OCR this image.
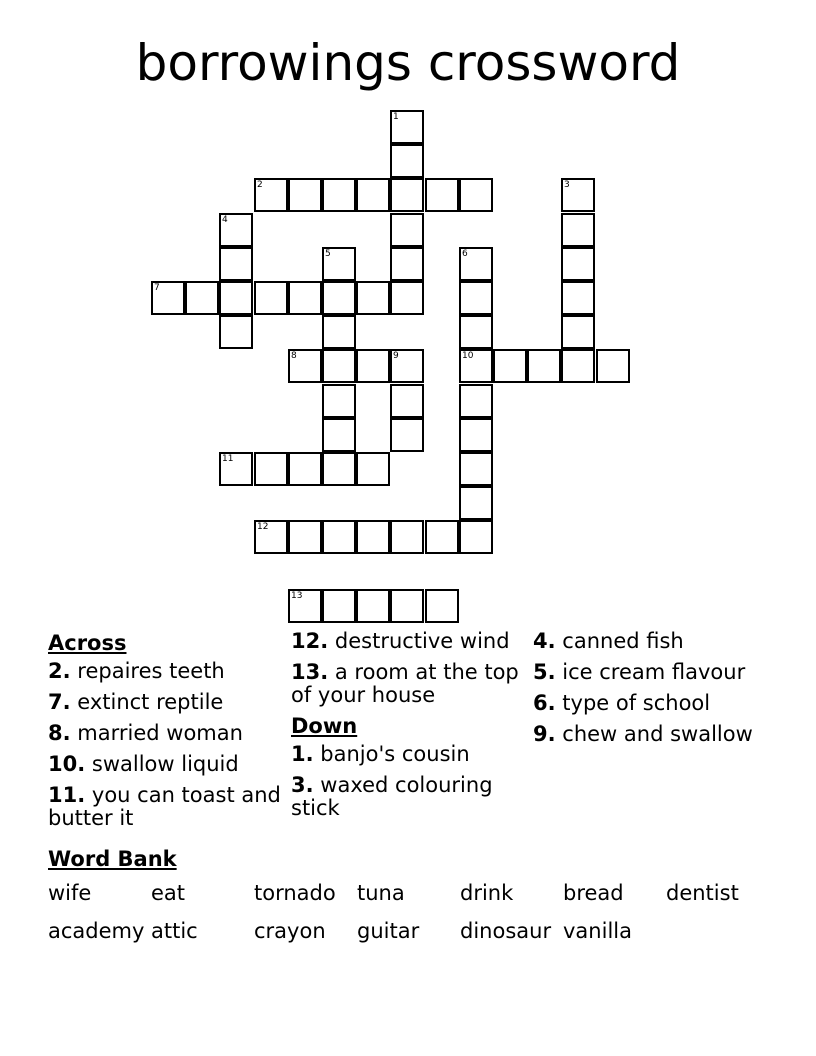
borrowings crossword
1
2	3
4
5	6
10
7
8	9
11
12
13
Across
2. repaires teeth
7. extinct reptile
8. married woman
10. swallow liquid
11. you can toast and butter it
12. destructive wind
13. a room at the top of your house
Down
1. banjo's cousin
3. waxed colouring stick
4. canned fish
5. ice cream flavour
6. type of school
9. chew and swallow
Word Bank
wife	eat	tornado tuna	drink bread dentist
academy attic	crayon guitar dinosaur vanilla
